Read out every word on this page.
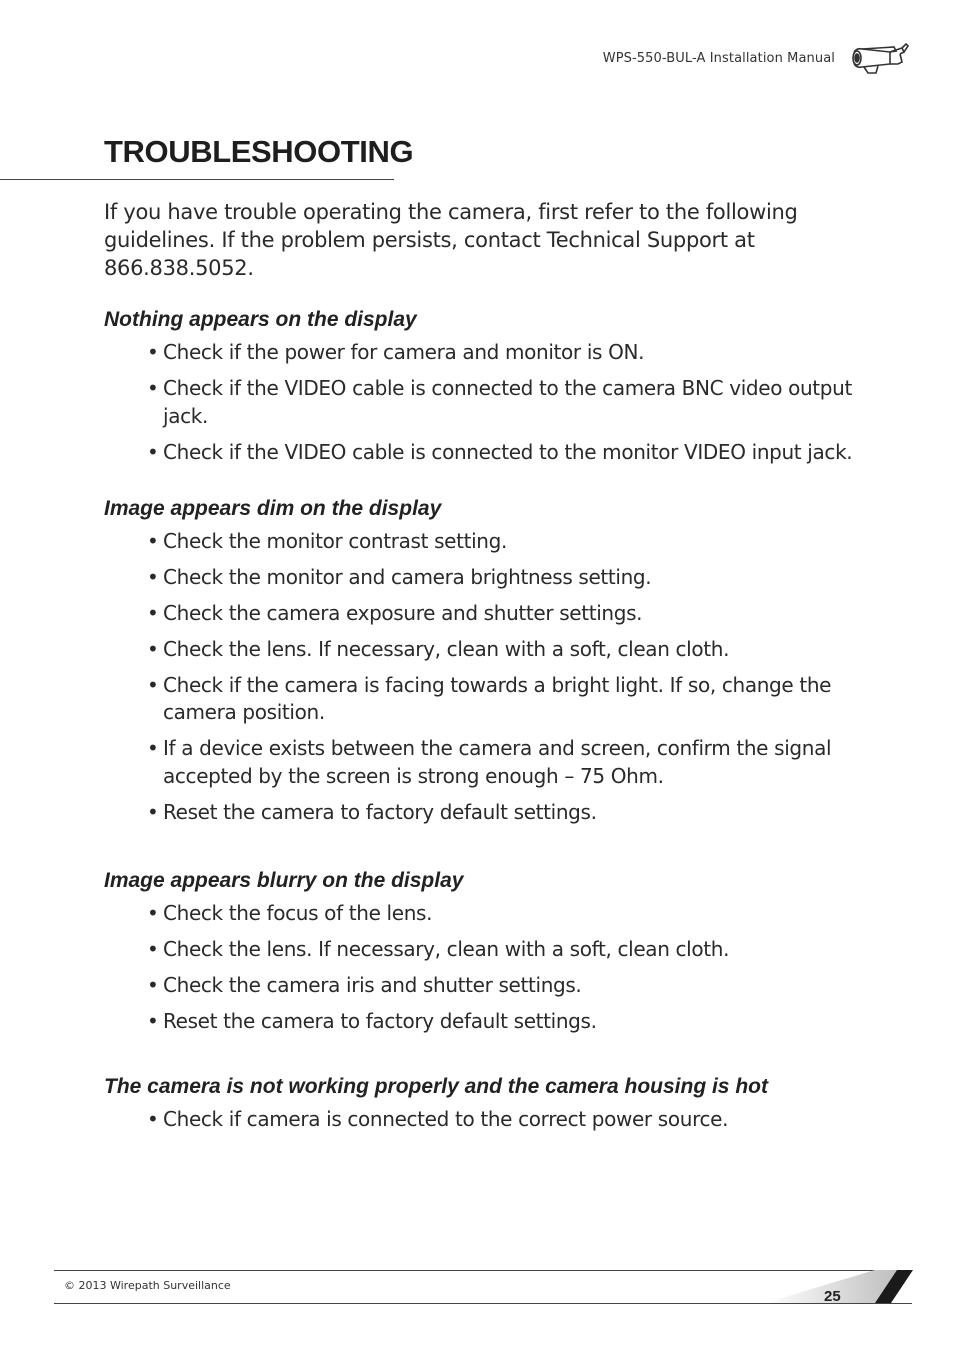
WPS-550-BUL-A Installation Manual
TROUBLESHOOTING

If you have trouble operating the camera, first refer to the following guidelines. If the problem persists, contact Technical Support at 866.838.5052.

Nothing appears on the display
• Check if the power for camera and monitor is ON.
• Check if the VIDEO cable is connected to the camera BNC video output jack.
• Check if the VIDEO cable is connected to the monitor VIDEO input jack.
Image appears dim on the display
• Check the monitor contrast setting.
• Check the monitor and camera brightness setting.
• Check the camera exposure and shutter settings.
• Check the lens. If necessary, clean with a soft, clean cloth.
• Check if the camera is facing towards a bright light. If so, change the camera position.
• If a device exists between the camera and screen, confirm the signal accepted by the screen is strong enough – 75 Ohm.
• Reset the camera to factory default settings.
Image appears blurry on the display
• Check the focus of the lens.
• Check the lens. If necessary, clean with a soft, clean cloth.
• Check the camera iris and shutter settings.
• Reset the camera to factory default settings.
The camera is not working properly and the camera housing is hot
• Check if camera is connected to the correct power source.
© 2013 Wirepath Surveillance
25
